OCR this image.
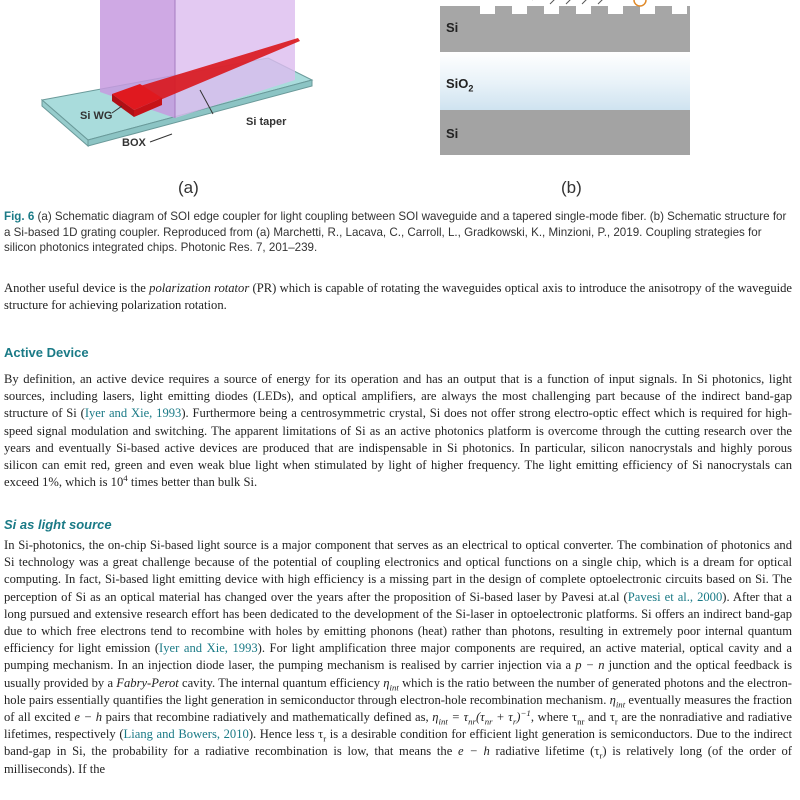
Si WG	Si taper
BOX
(a)
Si
SiO$_2$
Si
(b)
Fig. 6 (a) Schematic diagram of SOI edge coupler for light coupling between SOI waveguide and a tapered single-mode fiber. (b) Schematic structure for a Si-based 1D grating coupler. Reproduced from (a) Marchetti, R., Lacava, C., Carroll, L., Gradkowski, K., Minzioni, P., 2019. Coupling strategies for silicon photonics integrated chips. Photonic Res. 7, 201–239.
Another useful device is the polarization rotator (PR) which is capable of rotating the waveguides optical axis to introduce the anisotropy of the waveguide structure for achieving polarization rotation.
Active Device
By definition, an active device requires a source of energy for its operation and has an output that is a function of input signals. In Si photonics, light sources, including lasers, light emitting diodes (LEDs), and optical amplifiers, are always the most challenging part because of the indirect band-gap structure of Si (Iyer and Xie, 1993). Furthermore being a centrosymmetric crystal, Si does not offer strong electro-optic effect which is required for high-speed signal modulation and switching. The apparent limitations of Si as an active photonics platform is overcome through the cutting research over the years and eventually Si-based active devices are produced that are indispensable in Si photonics. In particular, silicon nanocrystals and highly porous silicon can emit red, green and even weak blue light when stimulated by light of higher frequency. The light emitting efficiency of Si nanocrystals can exceed 1%, which is $10^4$ times better than bulk Si.
Si as light source
In Si-photonics, the on-chip Si-based light source is a major component that serves as an electrical to optical converter. The combination of photonics and Si technology was a great challenge because of the potential of coupling electronics and optical functions on a single chip, which is a dream for optical computing. In fact, Si-based light emitting device with high efficiency is a missing part in the design of complete optoelectronic circuits based on Si. The perception of Si as an optical material has changed over the years after the proposition of Si-based laser by Pavesi at.al (Pavesi et al., 2000). After that a long pursued and extensive research effort has been dedicated to the development of the Si-laser in optoelectronic platforms. Si offers an indirect band-gap due to which free electrons tend to recombine with holes by emitting phonons (heat) rather than photons, resulting in extremely poor internal quantum efficiency for light emission (Iyer and Xie, 1993). For light amplification three major components are required, an active material, optical cavity and a pumping mechanism. In an injection diode laser, the pumping mechanism is realised by carrier injection via a p − n junction and the optical feedback is usually provided by a Fabry-Perot cavity. The internal quantum efficiency $\eta_{int}$ which is the ratio between the number of generated photons and the electron-hole pairs essentially quantifies the light generation in semiconductor through electron-hole recombination mechanism. $\eta_{int}$ eventually measures the fraction of all excited e − h pairs that recombine radiatively and mathematically defined as, $\eta_{int} = \tau_{nr}(\tau_{nr} + \tau_r)^{-1}$, where $\tau_{nr}$ and $\tau_r$ are the nonradiative and radiative lifetimes, respectively (Liang and Bowers, 2010). Hence less $\tau_r$ is a desirable condition for efficient light generation is semiconductors. Due to the indirect band-gap in Si, the probability for a radiative recombination is low, that means the e − h radiative lifetime $(\tau_r)$ is relatively long (of the order of milliseconds). If the
